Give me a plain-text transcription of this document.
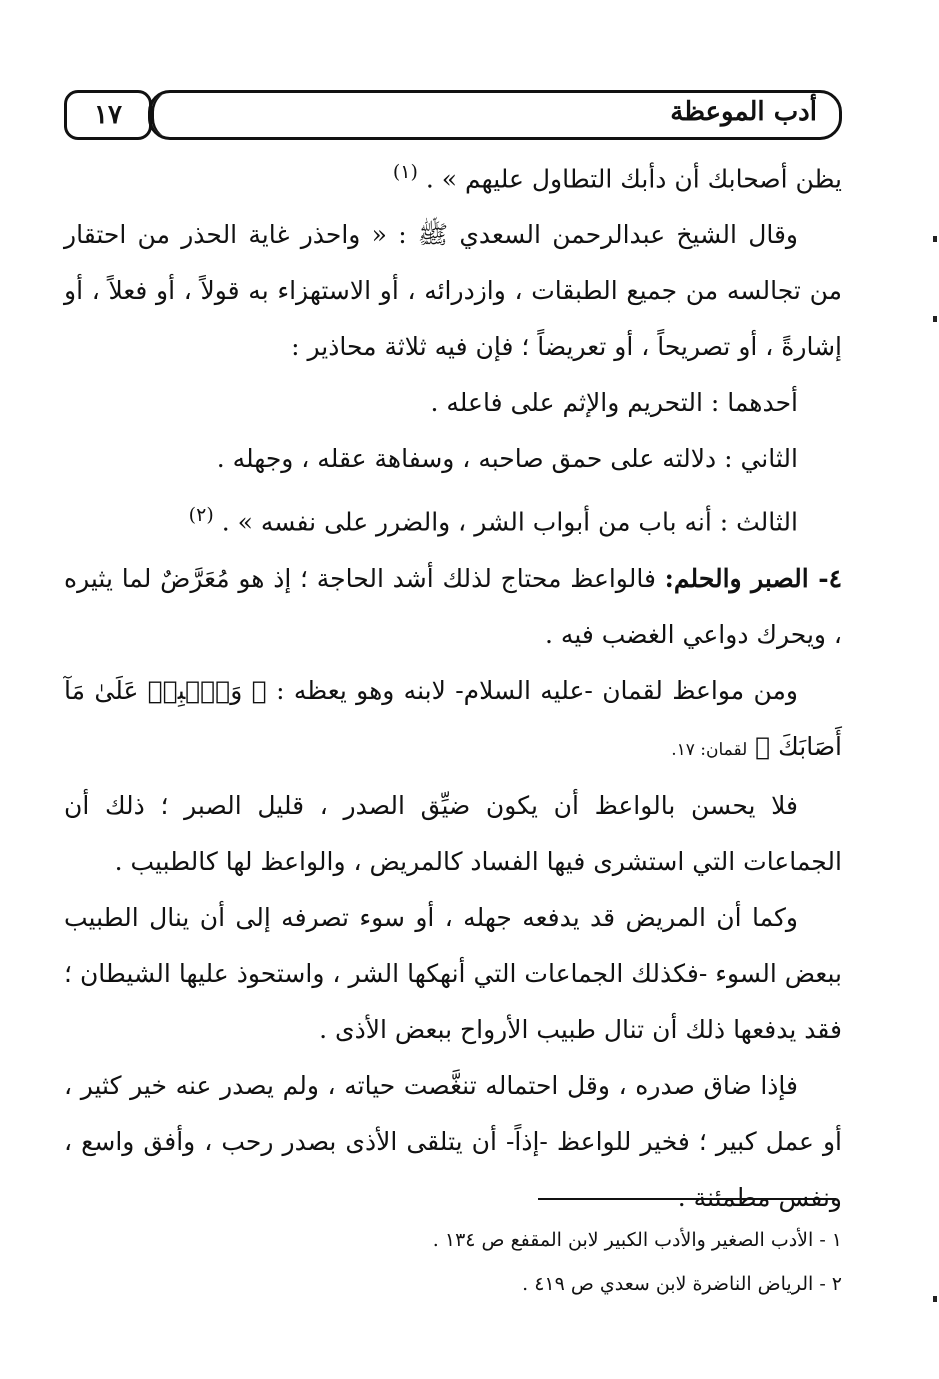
١٧	أدب الموعظة

يظن أصحابك أن دأبك التطاول عليهم » . $^{(١)}$

وقال الشيخ عبدالرحمن السعدي ﷺ : « واحذر غاية الحذر من احتقار من تجالسه من جميع الطبقات ، وازدرائه ، أو الاستهزاء به قولاً ، أو فعلاً ، أو إشارةً ، أو تصريحاً ، أو تعريضاً ؛ فإن فيه ثلاثة محاذير :

أحدهما : التحريم والإثم على فاعله .

الثاني : دلالته على حمق صاحبه ، وسفاهة عقله ، وجهله .

الثالث : أنه باب من أبواب الشر ، والضرر على نفسه » . $^{(٢)}$

٤- الصبر والحلم: فالواعظ محتاج لذلك أشد الحاجة ؛ إذ هو مُعَرَّضٌ لما يثيره ، ويحرك دواعي الغضب فيه .

ومن مواعظ لقمان -عليه السلام- لابنه وهو يعظه : ﴿ وَٱصۡبِرۡ عَلَىٰ مَآ أَصَابَكَ ﴾ لقمان: ١٧.

فلا يحسن بالواعظ أن يكون ضيِّق الصدر ، قليل الصبر ؛ ذلك أن الجماعات التي استشرى فيها الفساد كالمريض ، والواعظ لها كالطبيب .

وكما أن المريض قد يدفعه جهله ، أو سوء تصرفه إلى أن ينال الطبيب ببعض السوء -فكذلك الجماعات التي أنهكها الشر ، واستحوذ عليها الشيطان ؛ فقد يدفعها ذلك أن تنال طبيب الأرواح ببعض الأذى .

فإذا ضاق صدره ، وقل احتماله تنغَّصت حياته ، ولم يصدر عنه خير كثير ، أو عمل كبير ؛ فخير للواعظ -إذاً- أن يتلقى الأذى بصدر رحب ، وأفق واسع ، ونفس مطمئنة .

١ - الأدب الصغير والأدب الكبير لابن المقفع ص ١٣٤ .

٢ - الرياض الناضرة لابن سعدي ص ٤١٩ .
